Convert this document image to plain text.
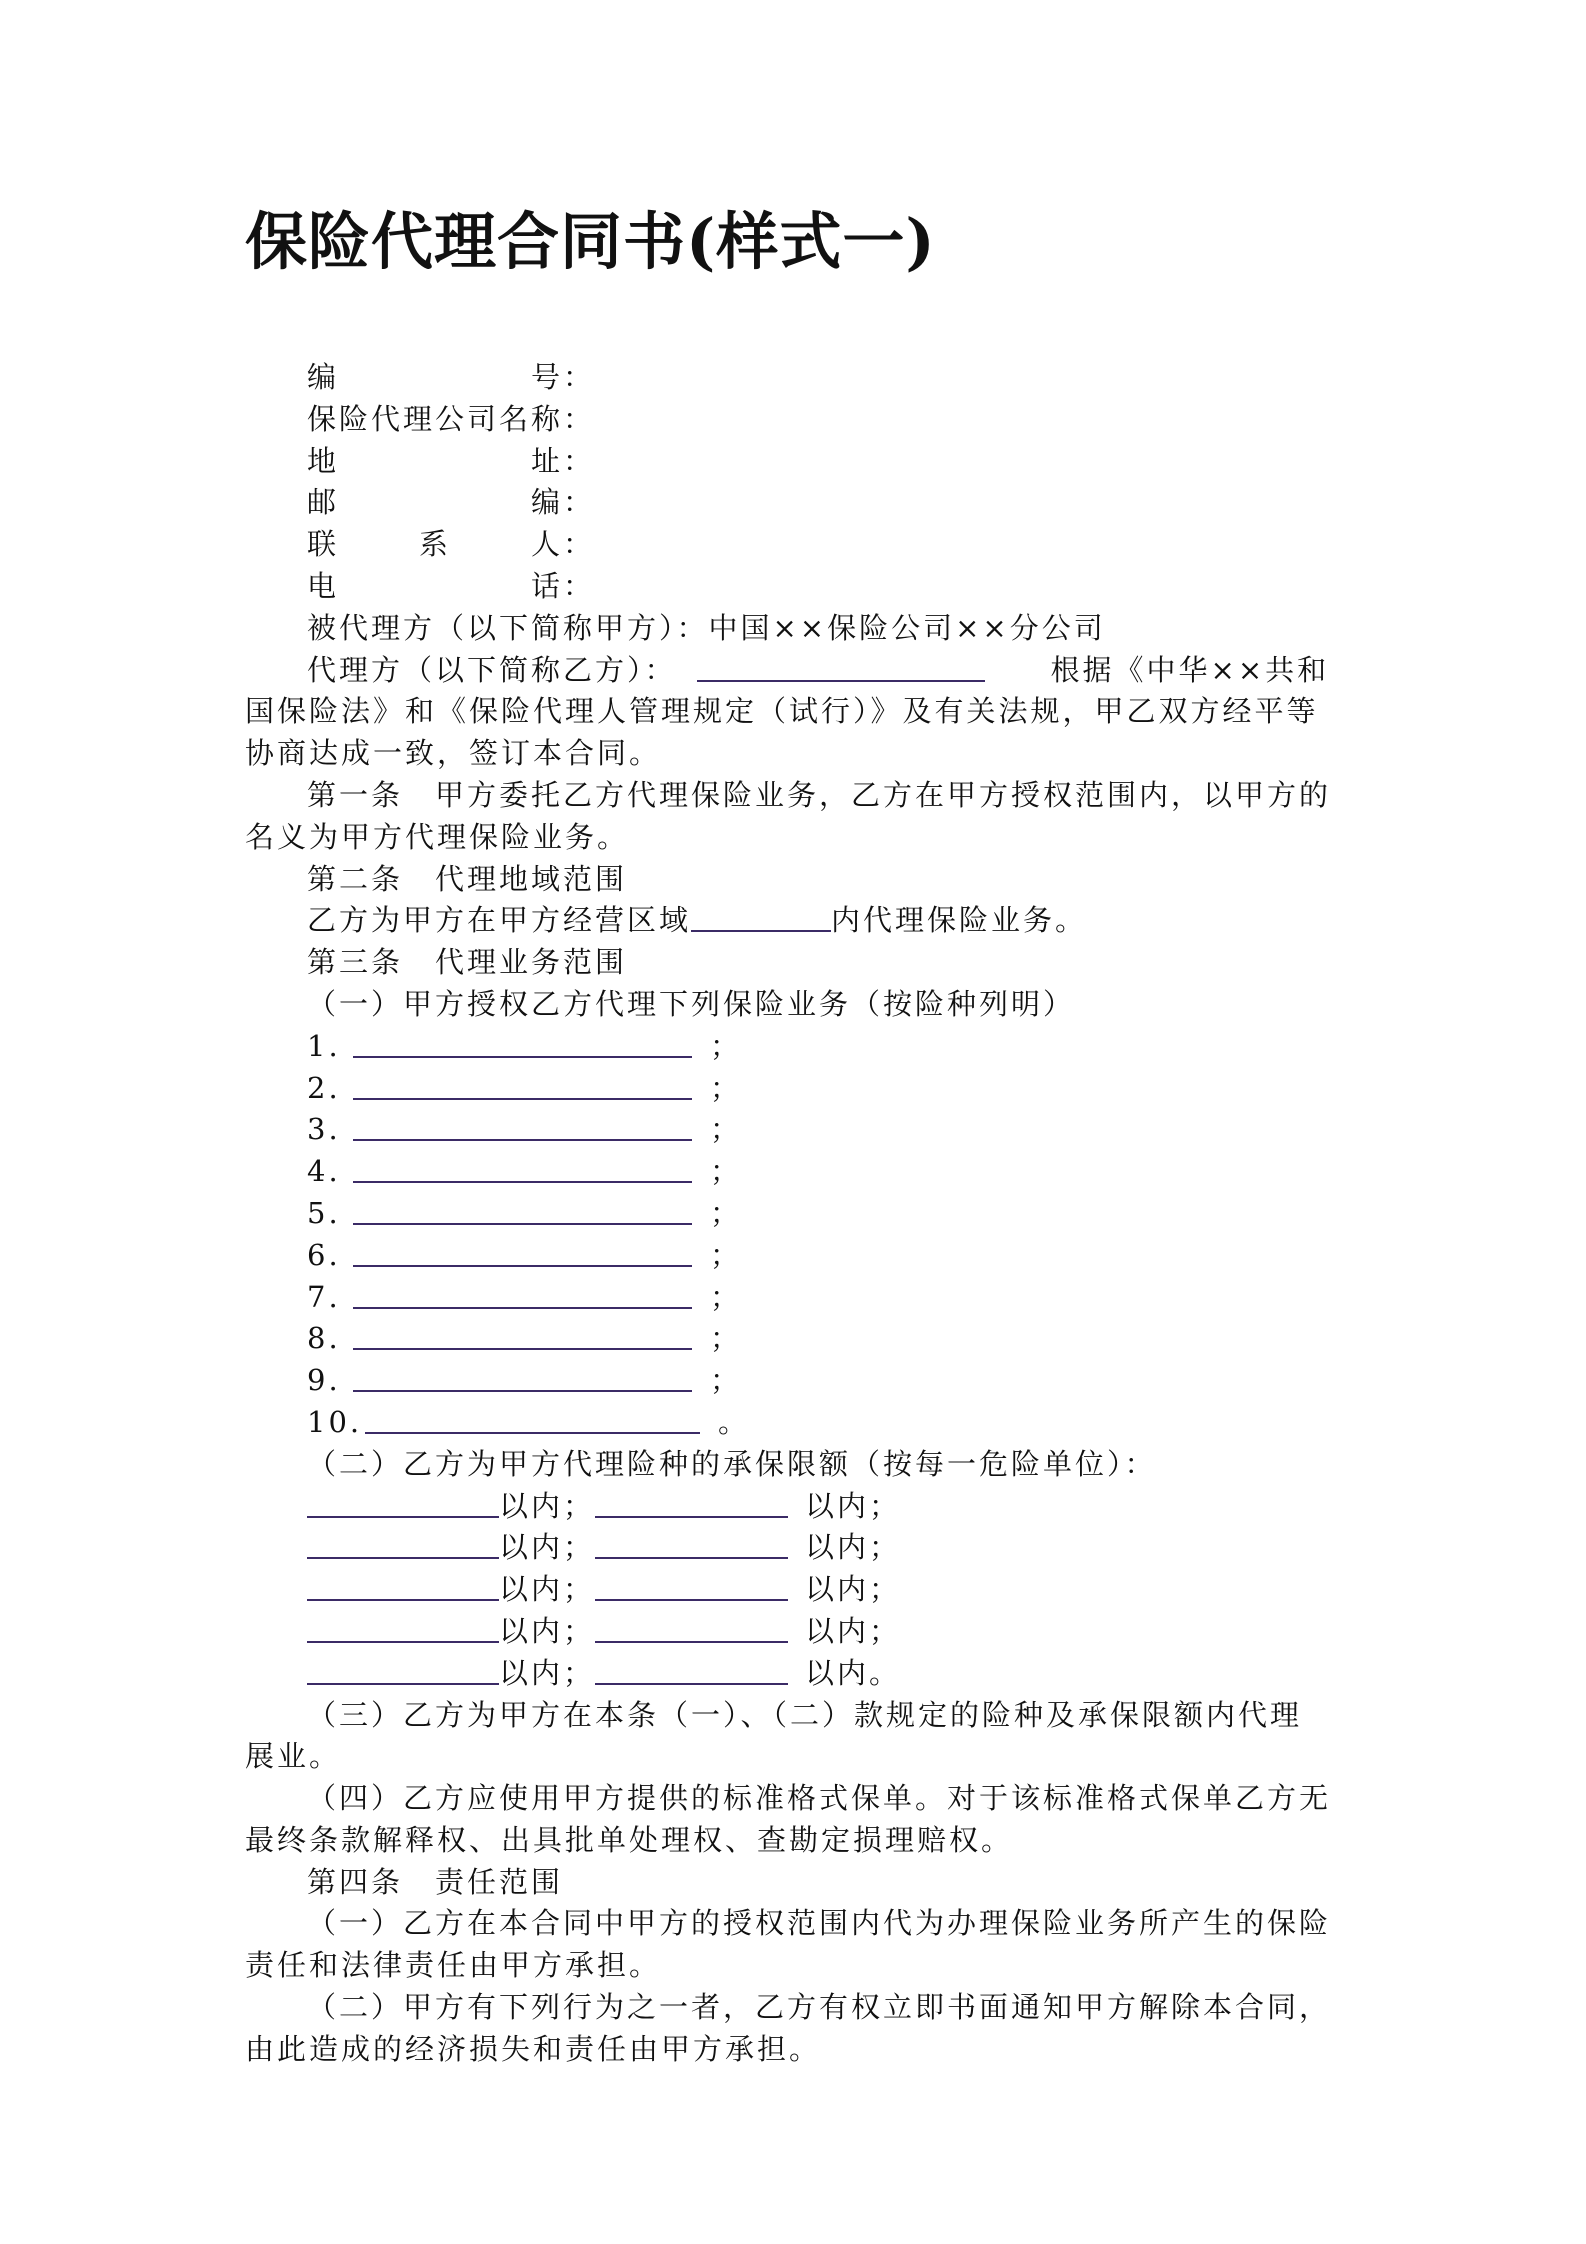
保险代理合同书(样式一)
编号：
保险代理公司名称：
地址：
邮编：
联系人：
电话：
被代理方（以下简称甲方）：中国××保险公司××分公司
代理方（以下简称乙方）：	根据《中华××共和
国保险法》和《保险代理人管理规定（试行）》及有关法规，甲乙双方经平等
协商达成一致，签订本合同。
第一条　甲方委托乙方代理保险业务，乙方在甲方授权范围内，以甲方的
名义为甲方代理保险业务。
第二条　代理地域范围
乙方为甲方在甲方经营区域	内代理保险业务。
第三条　代理业务范围
（一）甲方授权乙方代理下列保险业务（按险种列明）
1.	；
2.	；
3.	；
4.	；
5.	；
6.	；
7.	；
8.	；
9.	；
10.	。
（二）乙方为甲方代理险种的承保限额（按每一危险单位）：
以内；	以内；
以内；	以内；
以内；	以内；
以内；	以内；
以内；	以内。
（三）乙方为甲方在本条（一）、（二）款规定的险种及承保限额内代理
展业。
（四）乙方应使用甲方提供的标准格式保单。对于该标准格式保单乙方无
最终条款解释权、出具批单处理权、查勘定损理赔权。
第四条　责任范围
（一）乙方在本合同中甲方的授权范围内代为办理保险业务所产生的保险
责任和法律责任由甲方承担。
（二）甲方有下列行为之一者，乙方有权立即书面通知甲方解除本合同，
由此造成的经济损失和责任由甲方承担。
